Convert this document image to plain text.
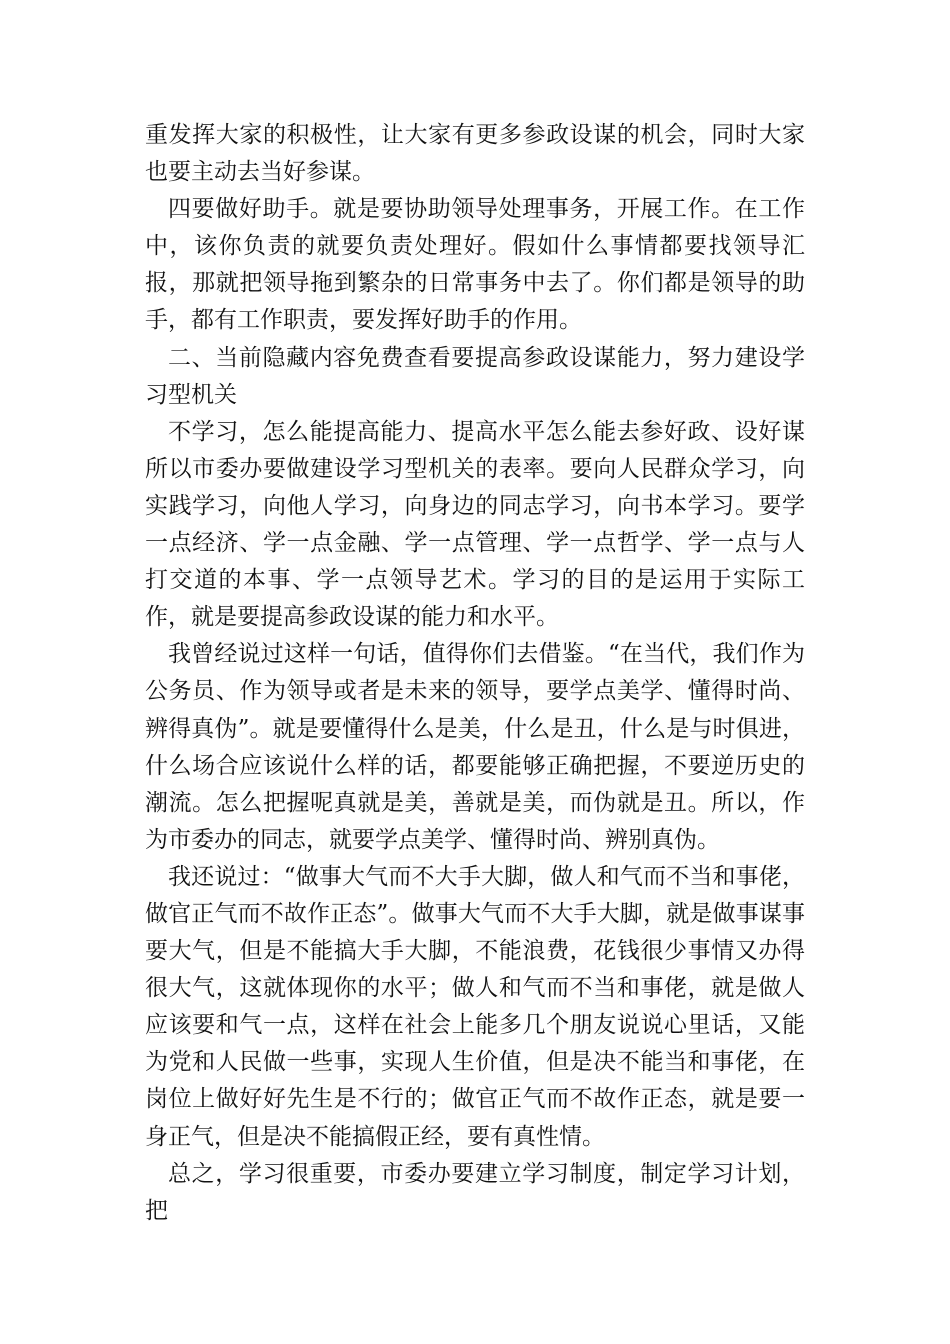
重发挥大家的积极性，让大家有更多参政设谋的机会，同时大家也要主动去当好参谋。

四要做好助手。就是要协助领导处理事务，开展工作。在工作中，该你负责的就要负责处理好。假如什么事情都要找领导汇报，那就把领导拖到繁杂的日常事务中去了。你们都是领导的助手，都有工作职责，要发挥好助手的作用。

二、当前隐藏内容免费查看要提高参政设谋能力，努力建设学习型机关

不学习，怎么能提高能力、提高水平怎么能去参好政、设好谋所以市委办要做建设学习型机关的表率。要向人民群众学习，向实践学习，向他人学习，向身边的同志学习，向书本学习。要学一点经济、学一点金融、学一点管理、学一点哲学、学一点与人打交道的本事、学一点领导艺术。学习的目的是运用于实际工作，就是要提高参政设谋的能力和水平。

我曾经说过这样一句话，值得你们去借鉴。“在当代，我们作为公务员、作为领导或者是未来的领导，要学点美学、懂得时尚、辨得真伪”。就是要懂得什么是美，什么是丑，什么是与时俱进，什么场合应该说什么样的话，都要能够正确把握，不要逆历史的潮流。怎么把握呢真就是美，善就是美，而伪就是丑。所以，作为市委办的同志，就要学点美学、懂得时尚、辨别真伪。

我还说过：“做事大气而不大手大脚，做人和气而不当和事佬，做官正气而不故作正态”。做事大气而不大手大脚，就是做事谋事要大气，但是不能搞大手大脚，不能浪费，花钱很少事情又办得很大气，这就体现你的水平；做人和气而不当和事佬，就是做人应该要和气一点，这样在社会上能多几个朋友说说心里话，又能为党和人民做一些事，实现人生价值，但是决不能当和事佬，在岗位上做好好先生是不行的；做官正气而不故作正态，就是要一身正气，但是决不能搞假正经，要有真性情。

总之，学习很重要，市委办要建立学习制度，制定学习计划，把
